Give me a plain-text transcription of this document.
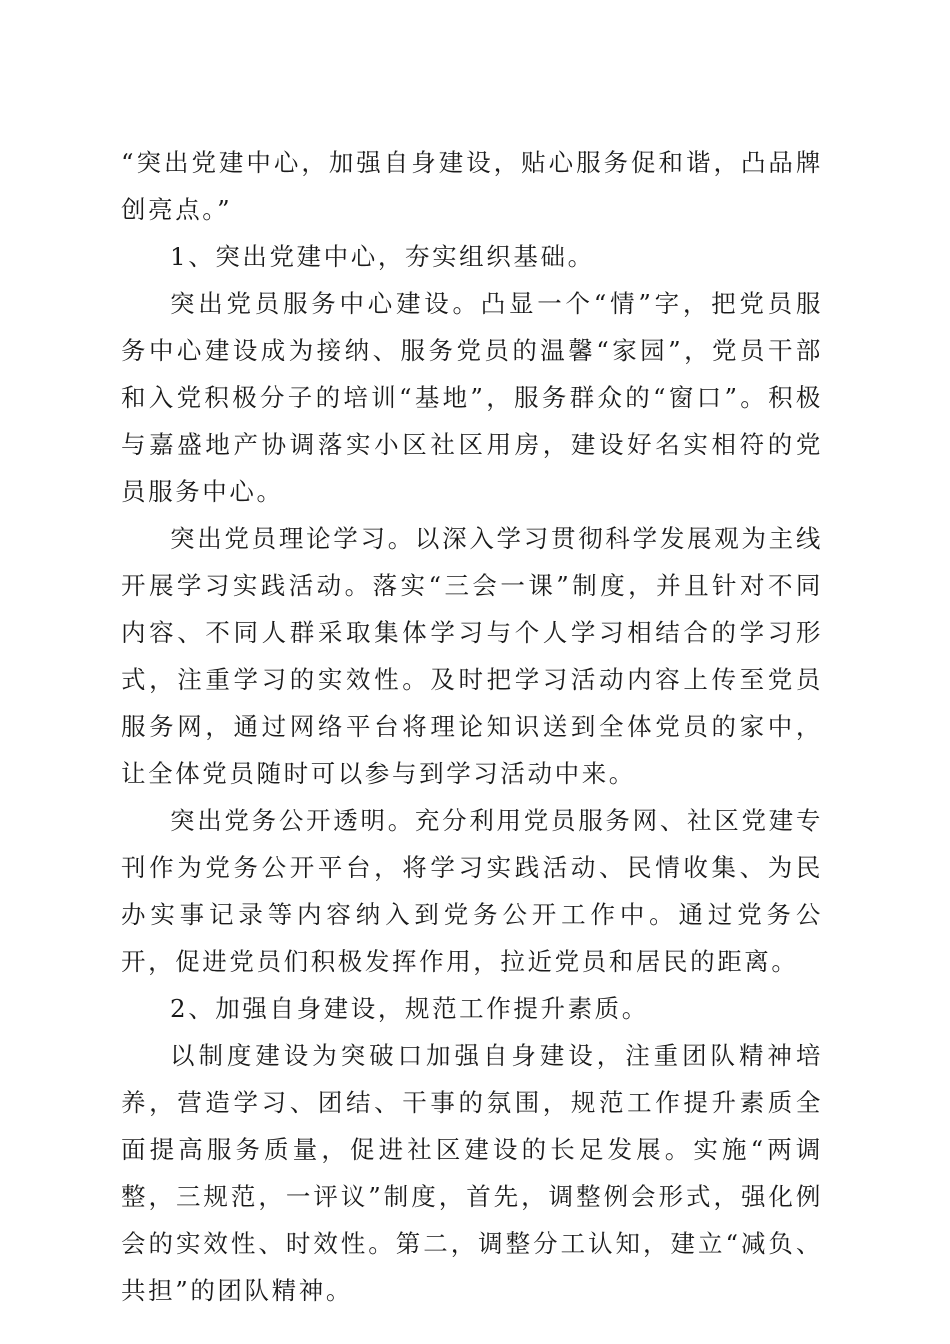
“突出党建中心，加强自身建设，贴心服务促和谐，凸品牌创亮点。”

1、突出党建中心，夯实组织基础。

突出党员服务中心建设。凸显一个“情”字，把党员服务中心建设成为接纳、服务党员的温馨“家园”，党员干部和入党积极分子的培训“基地”，服务群众的“窗口”。积极与嘉盛地产协调落实小区社区用房，建设好名实相符的党员服务中心。

突出党员理论学习。以深入学习贯彻科学发展观为主线开展学习实践活动。落实“三会一课”制度，并且针对不同内容、不同人群采取集体学习与个人学习相结合的学习形式，注重学习的实效性。及时把学习活动内容上传至党员服务网，通过网络平台将理论知识送到全体党员的家中，让全体党员随时可以参与到学习活动中来。

突出党务公开透明。充分利用党员服务网、社区党建专刊作为党务公开平台，将学习实践活动、民情收集、为民办实事记录等内容纳入到党务公开工作中。通过党务公开，促进党员们积极发挥作用，拉近党员和居民的距离。

2、加强自身建设，规范工作提升素质。

以制度建设为突破口加强自身建设，注重团队精神培养，营造学习、团结、干事的氛围，规范工作提升素质全面提高服务质量，促进社区建设的长足发展。实施“两调整，三规范，一评议”制度，首先，调整例会形式，强化例会的实效性、时效性。第二，调整分工认知，建立“减负、共担”的团队精神。
